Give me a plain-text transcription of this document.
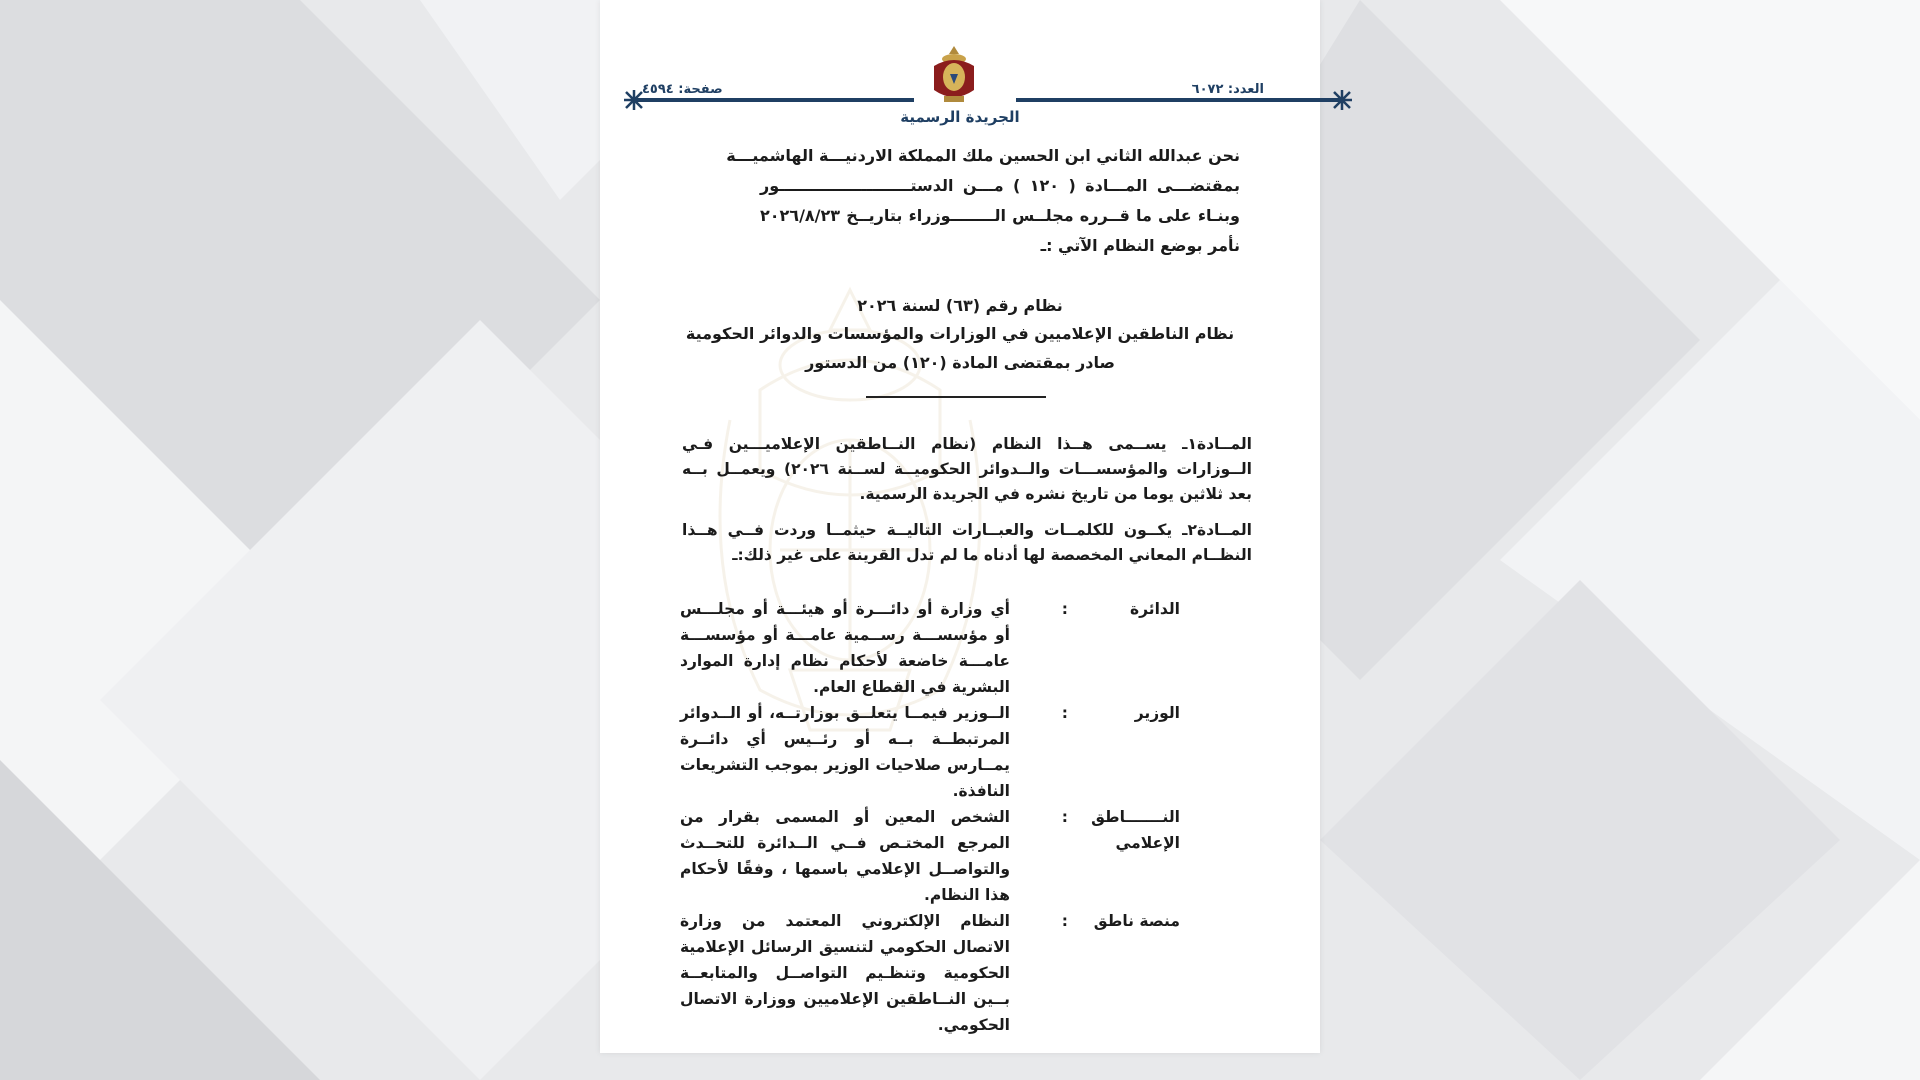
العدد: ٦٠٧٢
صفحة: ٤٥٩٤
الجريدة الرسمية
نحن عبدالله الثاني ابن الحسين ملك المملكة الاردنيـــة الهاشميـــة
بمقتضـــى المـــادة ( ١٢٠ ) مـــن الدستــــــــــــــــــــــــور
وبنـاء على ما قــرره مجلــس الــــــــوزراء بتاريــخ ٢٠٢٦/٨/٢٣
نأمر بوضع النظام الآتي :ـ
نظام رقم (٦٣) لسنة ٢٠٢٦
نظام الناطقين الإعلاميين في الوزارات والمؤسسات والدوائر الحكومية
صادر بمقتضى المادة (١٢٠) من الدستور
المــادة١ـ يســمى هــذا النظام (نظام النــاطقين الإعلاميـــين فـي الــوزارات والمؤسســـات والــدوائر الحكوميــة لســنة ٢٠٢٦) ويعمــل بــه بعد ثلاثين يوما من تاريخ نشره في الجريدة الرسمية.
المــادة٢ـ يكــون للكلمــات والعبــارات التاليــة حيثمــا وردت فــي هــذا النظــام المعاني المخصصة لها أدناه ما لم تدل القرينة على غير ذلك:ـ
الدائرة
:
أي وزارة أو دائـــرة أو هيئـــة أو مجلـــس أو مؤسســـة رســمية عامـــة أو مؤسســـة عامـــة خاضعة لأحكام نظام إدارة الموارد البشرية في القطاع العام.
الوزير
:
الــوزير فيمــا يتعلــق بوزارتــه، أو الــدوائر المرتبطــة بــه أو رئــيس أي دائــرة يمــارس صلاحيات الوزير بموجب التشريعات النافذة.
النـــــــاطق الإعلامي
:
الشخص المعين أو المسمى بقرار من المرجع المختـص فــي الــدائرة للتحــدث والتواصــل الإعلامي باسمها ، وفقًا لأحكام هذا النظام.
منصة ناطق
:
النظام الإلكتروني المعتمد من وزارة الاتصال الحكومي لتنسيق الرسائل الإعلامية الحكومية وتنظـيم التواصــل والمتابعــة بــين النــاطقين الإعلاميين ووزارة الاتصال الحكومي.
